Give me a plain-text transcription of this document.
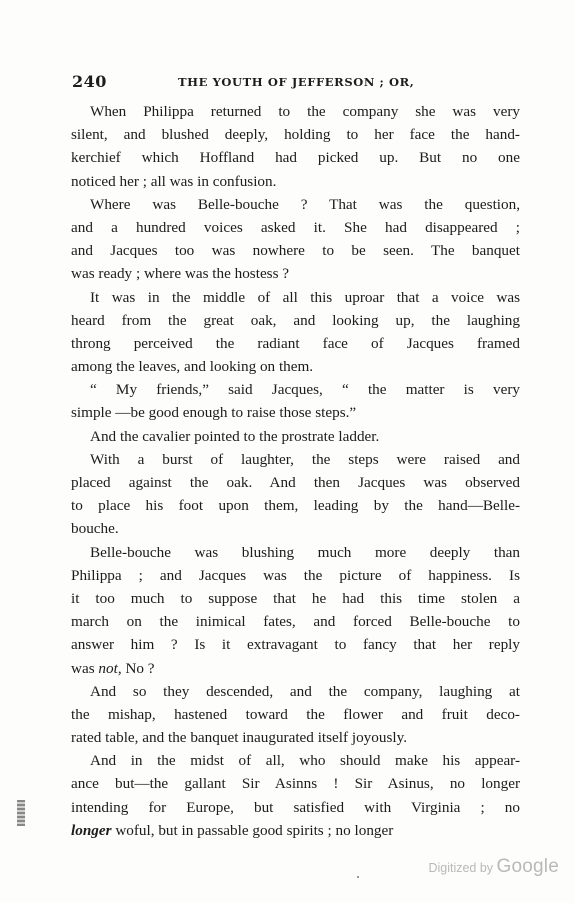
240	THE YOUTH OF JEFFERSON ; OR,
When Philippa returned to the company she was very
silent, and blushed deeply, holding to her face the hand-
kerchief which Hoffland had picked up. But no one
noticed her ; all was in confusion.
Where was Belle-bouche ? That was the question,
and a hundred voices asked it. She had disappeared ;
and Jacques too was nowhere to be seen. The banquet
was ready ; where was the hostess ?
It was in the middle of all this uproar that a voice was
heard from the great oak, and looking up, the laughing
throng perceived the radiant face of Jacques framed
among the leaves, and looking on them.
“ My friends,” said Jacques, “ the matter is very
simple —be good enough to raise those steps.”
And the cavalier pointed to the prostrate ladder.
With a burst of laughter, the steps were raised and
placed against the oak. And then Jacques was observed
to place his foot upon them, leading by the hand—Belle-
bouche.
Belle-bouche was blushing much more deeply than
Philippa ; and Jacques was the picture of happiness. Is
it too much to suppose that he had this time stolen a
march on the inimical fates, and forced Belle-bouche to
answer him ? Is it extravagant to fancy that her reply
was not, No ?
And so they descended, and the company, laughing at
the mishap, hastened toward the flower and fruit deco-
rated table, and the banquet inaugurated itself joyously.
And in the midst of all, who should make his appear-
ance but—the gallant Sir Asinns ! Sir Asinus, no longer
intending for Europe, but satisfied with Virginia ; no
longer woful, but in passable good spirits ; no longer
Digitized by Google
